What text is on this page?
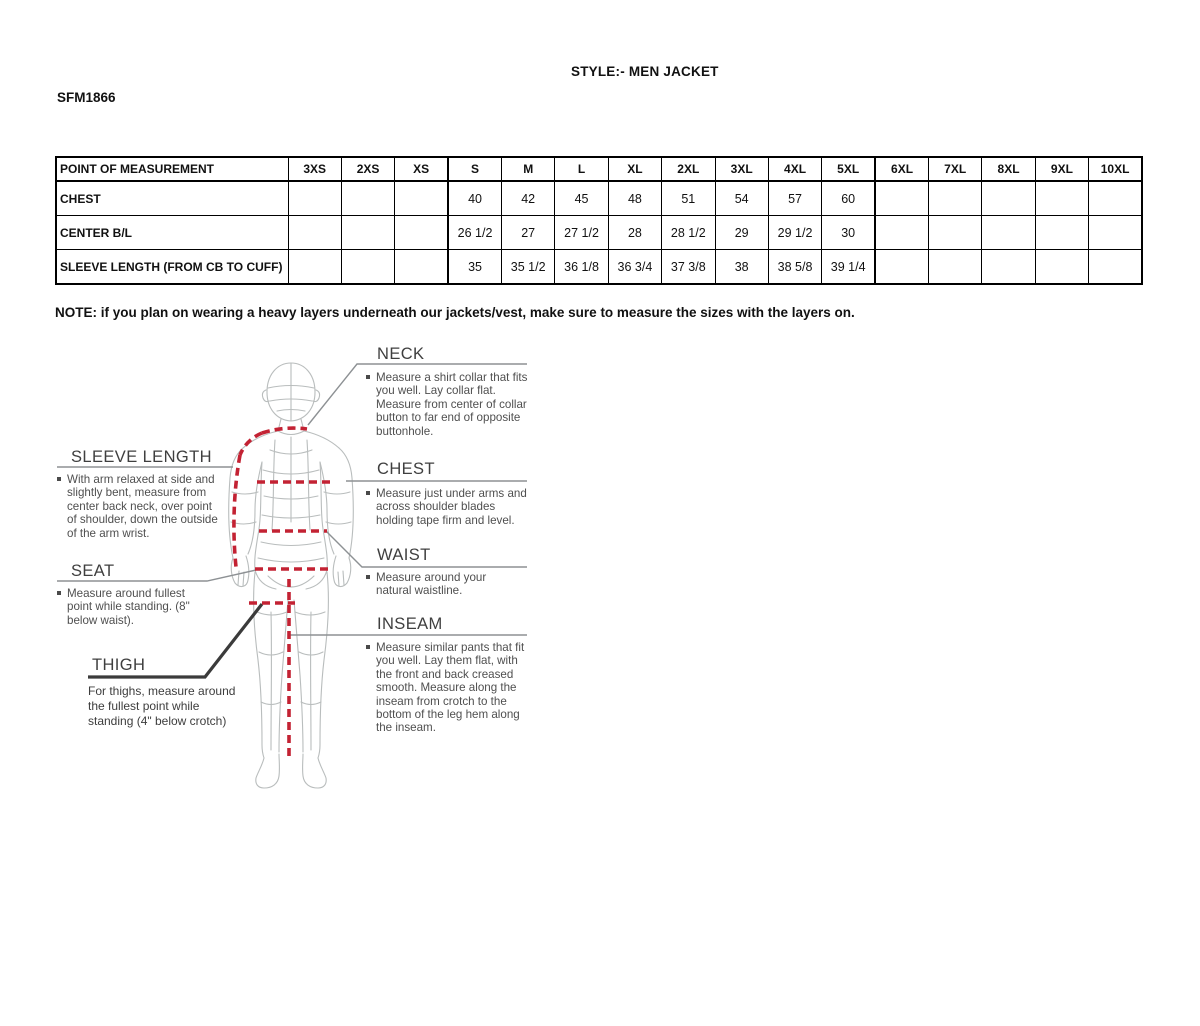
STYLE:- MEN JACKET
SFM1866
POINT OF MEASUREMENT	3XS	2XS	XS	S	M	L	XL	2XL	3XL	4XL	5XL	6XL	7XL	8XL	9XL	10XL
CHEST				40	42	45	48	51	54	57	60					
CENTER B/L				26 1/2	27	27 1/2	28	28 1/2	29	29 1/2	30					
SLEEVE LENGTH (FROM CB TO CUFF)				35	35 1/2	36 1/8	36 3/4	37 3/8	38	38 5/8	39 1/4					
NOTE: if you plan on wearing a heavy layers underneath our jackets/vest, make sure to measure the sizes with the layers on.
NECK
Measure a shirt collar that fits you well. Lay collar flat. Measure from center of collar button to far end of opposite buttonhole.
SLEEVE LENGTH
With arm relaxed at side and slightly bent, measure from center back neck, over point of shoulder, down the outside of the arm wrist.
CHEST
Measure just under arms and across shoulder blades holding tape firm and level.
SEAT
Measure around fullest point while standing. (8" below waist).
WAIST
Measure around your natural waistline.
THIGH
For thighs, measure around the fullest point while standing (4" below crotch)
INSEAM
Measure similar pants that fit you well. Lay them flat, with the front and back creased smooth. Measure along the inseam from crotch to the bottom of the leg hem along the inseam.
